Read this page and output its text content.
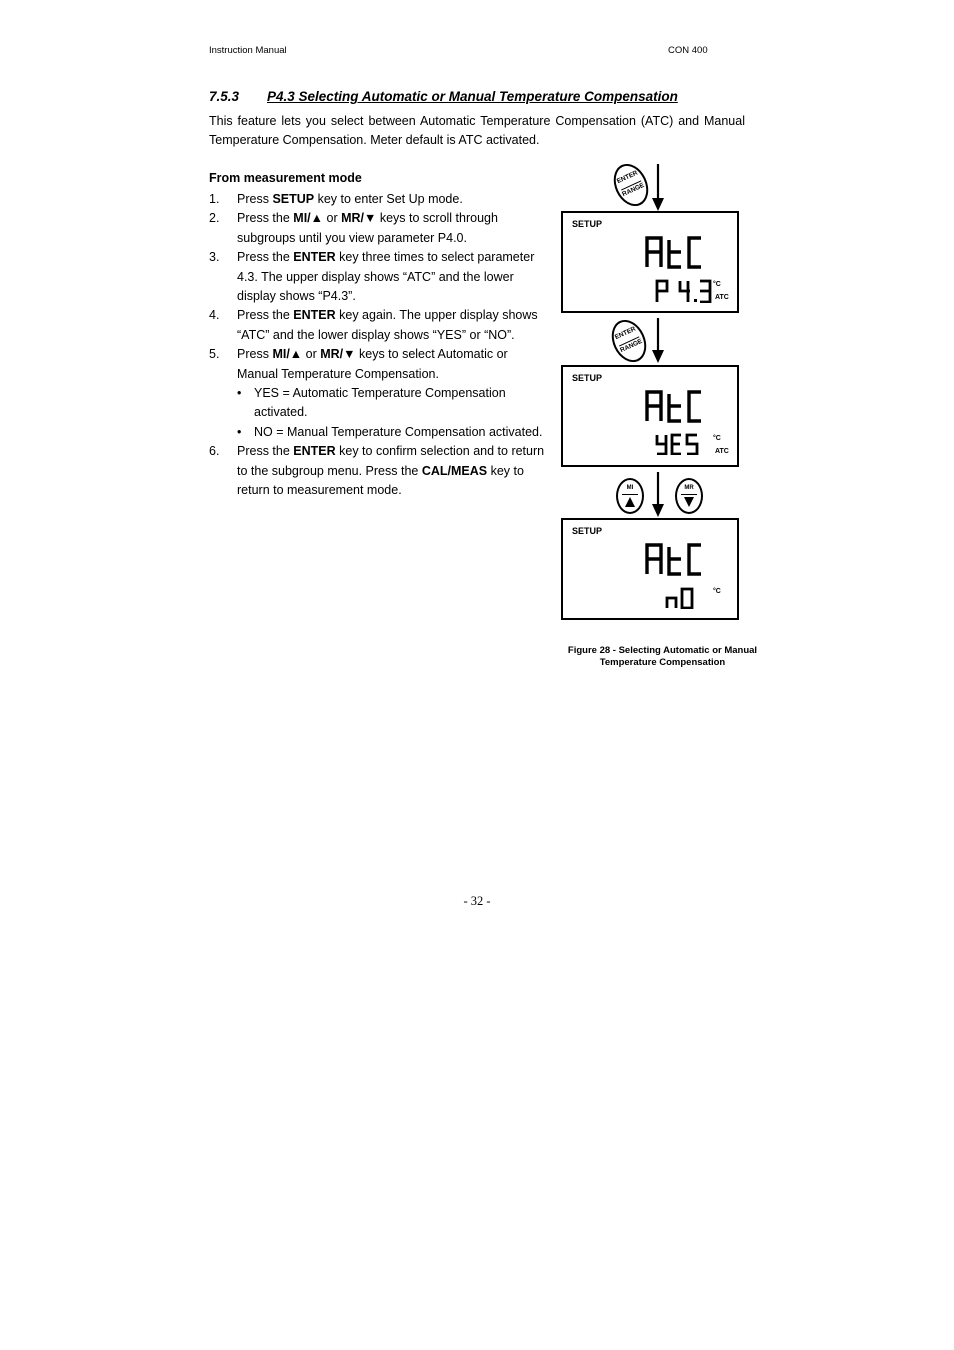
Instruction Manual	CON 400
7.5.3 P4.3 Selecting Automatic or Manual Temperature Compensation

This feature lets you select between Automatic Temperature Compensation (ATC) and Manual Temperature Compensation. Meter default is ATC activated.

From measurement mode
1. Press SETUP key to enter Set Up mode.
2. Press the MI/▲ or MR/▼ keys to scroll through subgroups until you view parameter P4.0.
3. Press the ENTER key three times to select parameter 4.3. The upper display shows “ATC” and the lower display shows “P4.3”.
4. Press the ENTER key again. The upper display shows “ATC” and the lower display shows “YES” or “NO”.
5. Press MI/▲ or MR/▼ keys to select Automatic or Manual Temperature Compensation.
• YES = Automatic Temperature Compensation activated.
• NO = Manual Temperature Compensation activated.
6. Press the ENTER key to confirm selection and to return to the subgroup menu. Press the CAL/MEAS key to return to measurement mode.
ENTER
RANGE
SETUP
°C
ATC
ENTER
RANGE
SETUP
°C
ATC
MI	MR
SETUP
°C
Figure 28 - Selecting Automatic or Manual Temperature Compensation
- 32 -
